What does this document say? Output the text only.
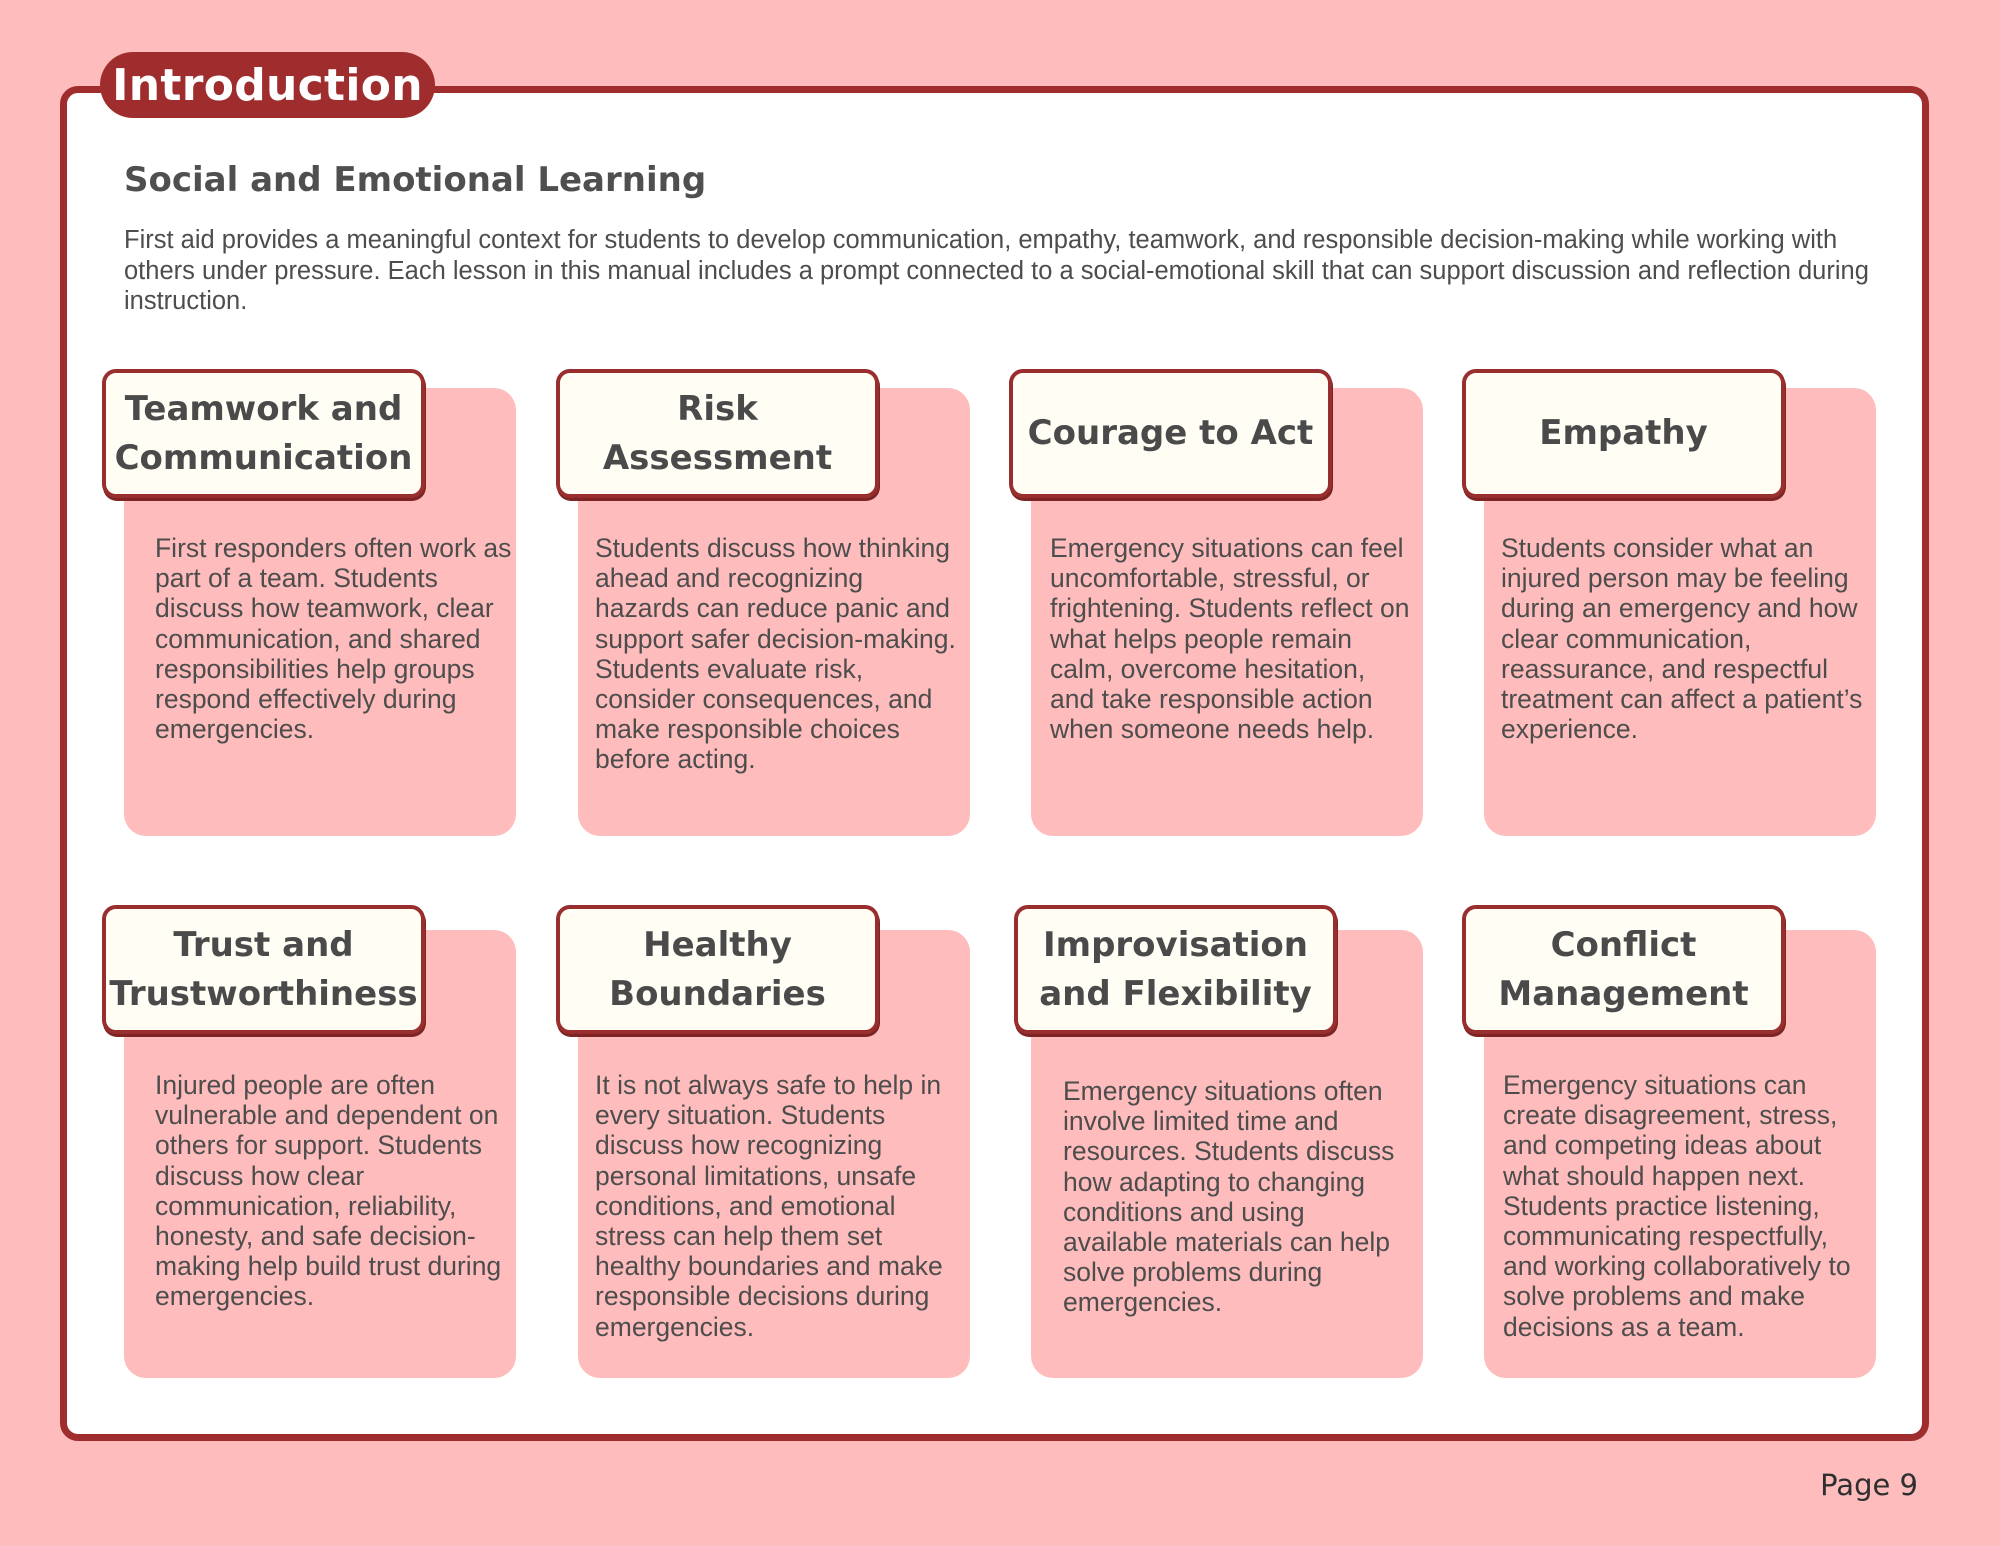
Introduction
Social and Emotional Learning

First aid provides a meaningful context for students to develop communication, empathy, teamwork, and responsible decision-making while working with others under pressure. Each lesson in this manual includes a prompt connected to a social-emotional skill that can support discussion and reflection during instruction.

Teamwork and Communication

First responders often work as part of a team. Students discuss how teamwork, clear communication, and shared responsibilities help groups respond effectively during emergencies.

Risk Assessment

Students discuss how thinking ahead and recognizing hazards can reduce panic and support safer decision-making. Students evaluate risk, consider consequences, and make responsible choices before acting.

Courage to Act

Emergency situations can feel uncomfortable, stressful, or frightening. Students reflect on what helps people remain calm, overcome hesitation, and take responsible action when someone needs help.

Empathy

Students consider what an injured person may be feeling during an emergency and how clear communication, reassurance, and respectful treatment can affect a patient’s experience.

Trust and Trustworthiness

Injured people are often vulnerable and dependent on others for support. Students discuss how clear communication, reliability, honesty, and safe decision-making help build trust during emergencies.

Healthy Boundaries

It is not always safe to help in every situation. Students discuss how recognizing personal limitations, unsafe conditions, and emotional stress can help them set healthy boundaries and make responsible decisions during emergencies.

Improvisation and Flexibility

Emergency situations often involve limited time and resources. Students discuss how adapting to changing conditions and using available materials can help solve problems during emergencies.

Conflict Management

Emergency situations can create disagreement, stress, and competing ideas about what should happen next. Students practice listening, communicating respectfully, and working collaboratively to solve problems and make decisions as a team.

Page 9
